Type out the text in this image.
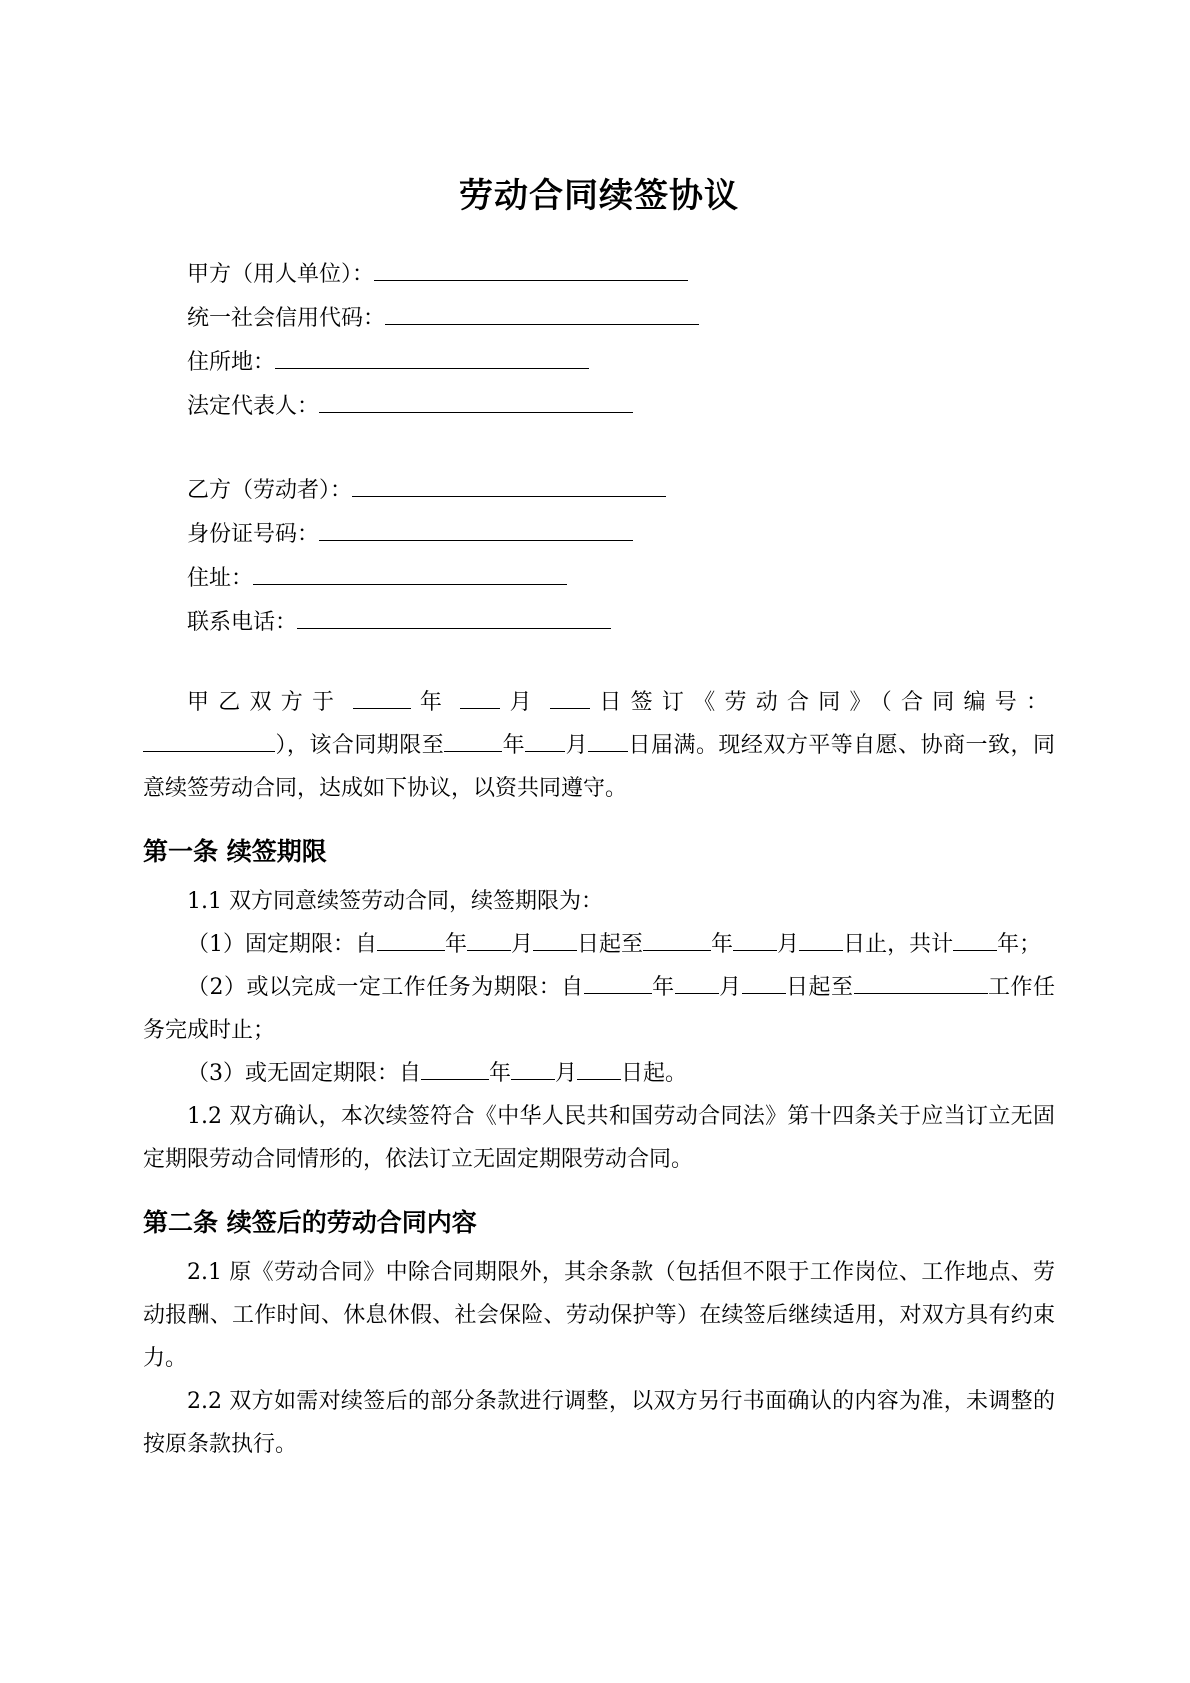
劳动合同续签协议
甲方（用人单位）：
统一社会信用代码：
住所地：
法定代表人：
乙方（劳动者）：
身份证号码：
住址：
联系电话：

甲乙双方于	年	月	日签订《劳动合同》（合同编号：），该合同期限至	年 月 日届满。现经双方平等自愿、协商一致，同意续签劳动合同，达成如下协议，以资共同遵守。

第一条 续签期限

1.1 双方同意续签劳动合同，续签期限为：

（1）固定期限：自	年 月 日起至	年 月 日止，共计 年；

（2）或以完成一定工作任务为期限：自	年 月 日起至	工作任务完成时止；

（3）或无固定期限：自	年 月 日起。

1.2 双方确认，本次续签符合《中华人民共和国劳动合同法》第十四条关于应当订立无固定期限劳动合同情形的，依法订立无固定期限劳动合同。

第二条 续签后的劳动合同内容

2.1 原《劳动合同》中除合同期限外，其余条款（包括但不限于工作岗位、工作地点、劳动报酬、工作时间、休息休假、社会保险、劳动保护等）在续签后继续适用，对双方具有约束力。

2.2 双方如需对续签后的部分条款进行调整，以双方另行书面确认的内容为准，未调整的按原条款执行。
